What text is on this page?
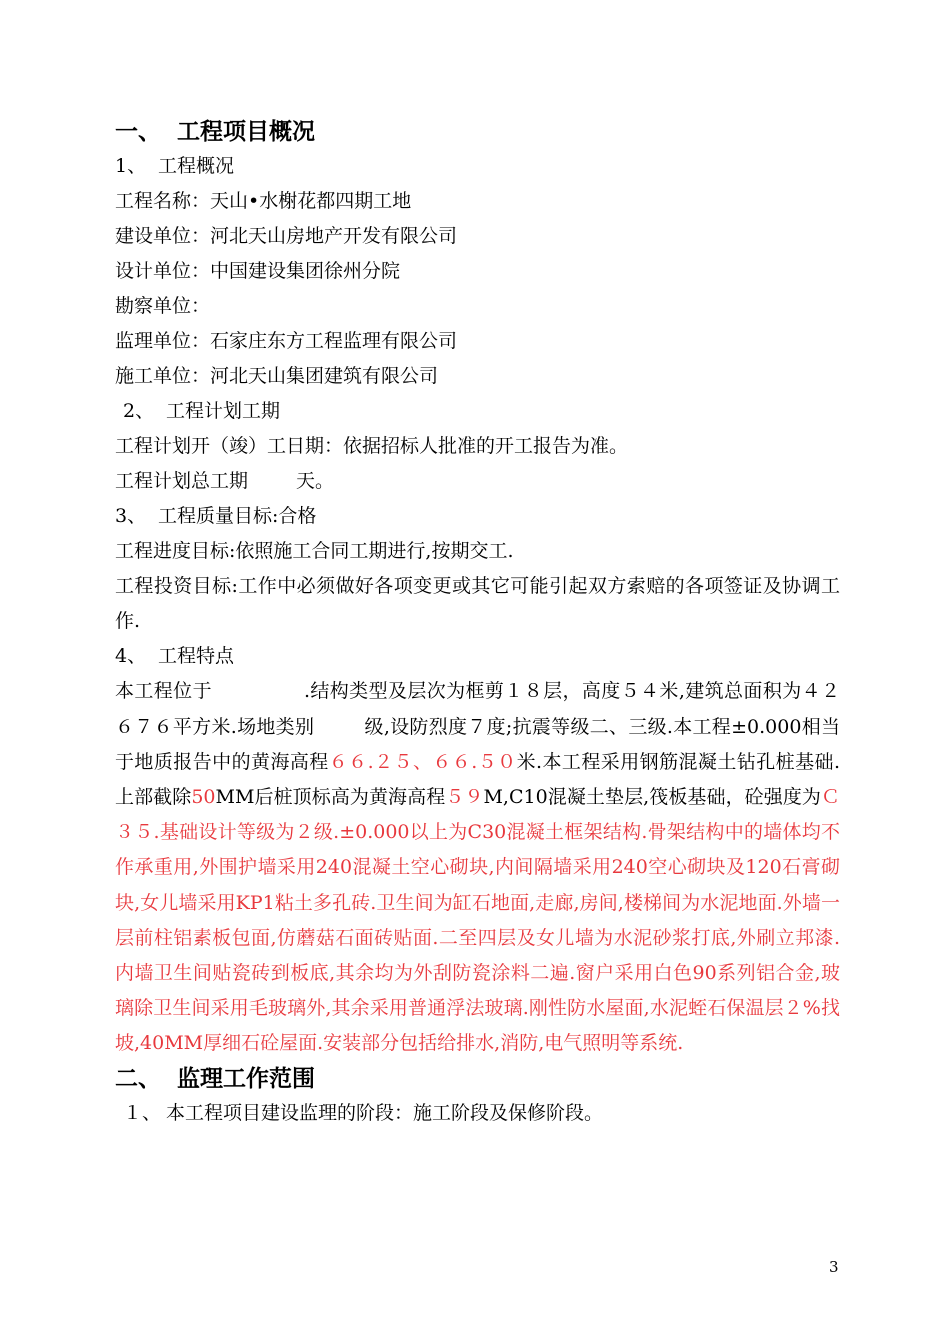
一、 工程项目概况
1、 工程概况
工程名称：天山•水榭花都四期工地
建设单位：河北天山房地产开发有限公司
设计单位：中国建设集团徐州分院
勘察单位：
监理单位：石家庄东方工程监理有限公司
施工单位：河北天山集团建筑有限公司
2、 工程计划工期
工程计划开（竣）工日期：依据招标人批准的开工报告为准。
工程计划总工期	天。
3、 工程质量目标:合格
工程进度目标:依照施工合同工期进行,按期交工.
工程投资目标:工作中必须做好各项变更或其它可能引起双方索赔的各项签证及协调工作.
4、 工程特点
本工程位于	.结构类型及层次为框剪１８层，高度５４米,建筑总面积为４２６７６平方米.场地类别	级,设防烈度７度;抗震等级二、三级.本工程±0.000相当于地质报告中的黄海高程６６.２５、６６.５０米.本工程采用钢筋混凝土钻孔桩基础.上部截除50MM后桩顶标高为黄海高程５９M,C10混凝土垫层,筏板基础，砼强度为Ｃ３５.基础设计等级为２级.±0.000以上为C30混凝土框架结构.骨架结构中的墙体均不作承重用,外围护墙采用240混凝土空心砌块,内间隔墙采用240空心砌块及120石膏砌块,女儿墙采用KP1粘土多孔砖.卫生间为缸石地面,走廊,房间,楼梯间为水泥地面.外墙一层前柱铝素板包面,仿蘑菇石面砖贴面.二至四层及女儿墙为水泥砂浆打底,外刷立邦漆.内墙卫生间贴瓷砖到板底,其余均为外刮防瓷涂料二遍.窗户采用白色90系列铝合金,玻璃除卫生间采用毛玻璃外,其余采用普通浮法玻璃.刚性防水屋面,水泥蛭石保温层２%找坡,40MM厚细石砼屋面.安装部分包括给排水,消防,电气照明等系统.
二、 监理工作范围
１、 本工程项目建设监理的阶段：施工阶段及保修阶段。
3
